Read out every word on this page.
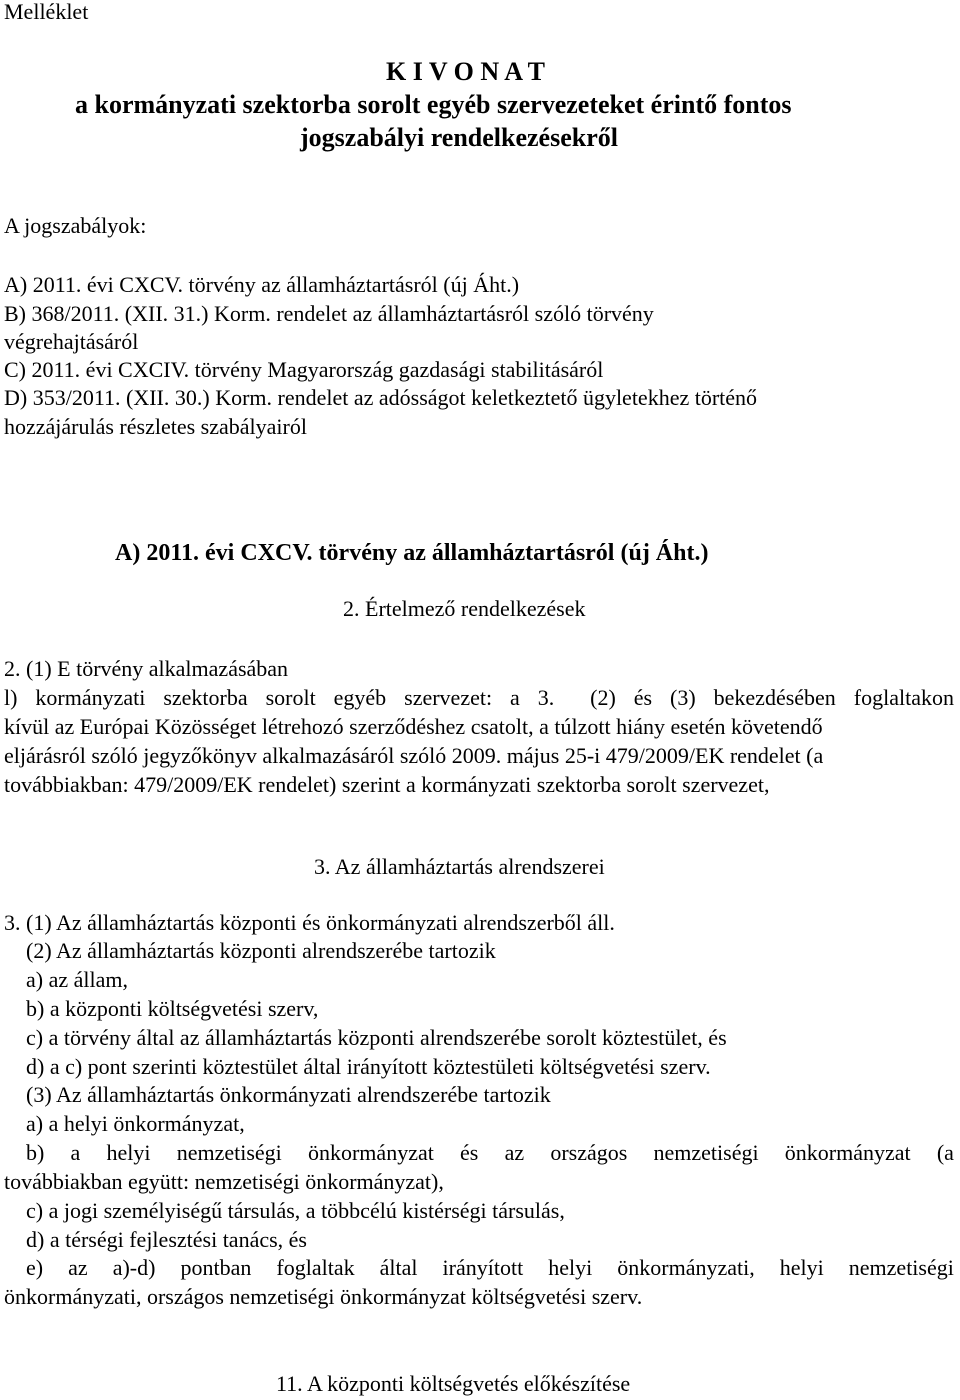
Melléklet
K I V O N A T
a kormányzati szektorba sorolt egyéb szervezeteket érintő fontos
jogszabályi rendelkezésekről
A jogszabályok:
A) 2011. évi CXCV. törvény az államháztartásról (új Áht.)
B) 368/2011. (XII. 31.) Korm. rendelet az államháztartásról szóló törvény
végrehajtásáról
C) 2011. évi CXCIV. törvény Magyarország gazdasági stabilitásáról
D) 353/2011. (XII. 30.) Korm. rendelet az adósságot keletkeztető ügyletekhez történő
hozzájárulás részletes szabályairól
A) 2011. évi CXCV. törvény az államháztartásról (új Áht.)
2. Értelmező rendelkezések
2. (1) E törvény alkalmazásában
l) kormányzati szektorba sorolt egyéb szervezet: a 3. (2) és (3) bekezdésében foglaltakon
kívül az Európai Közösséget létrehozó szerződéshez csatolt, a túlzott hiány esetén követendő
eljárásról szóló jegyzőkönyv alkalmazásáról szóló 2009. május 25-i 479/2009/EK rendelet (a
továbbiakban: 479/2009/EK rendelet) szerint a kormányzati szektorba sorolt szervezet,
3. Az államháztartás alrendszerei
3. (1) Az államháztartás központi és önkormányzati alrendszerből áll.
(2) Az államháztartás központi alrendszerébe tartozik
a) az állam,
b) a központi költségvetési szerv,
c) a törvény által az államháztartás központi alrendszerébe sorolt köztestület, és
d) a c) pont szerinti köztestület által irányított köztestületi költségvetési szerv.
(3) Az államháztartás önkormányzati alrendszerébe tartozik
a) a helyi önkormányzat,
b) a helyi nemzetiségi önkormányzat és az országos nemzetiségi önkormányzat (a
továbbiakban együtt: nemzetiségi önkormányzat),
c) a jogi személyiségű társulás, a többcélú kistérségi társulás,
d) a térségi fejlesztési tanács, és
e) az a)-d) pontban foglaltak által irányított helyi önkormányzati, helyi nemzetiségi
önkormányzati, országos nemzetiségi önkormányzat költségvetési szerv.
11. A központi költségvetés előkészítése
